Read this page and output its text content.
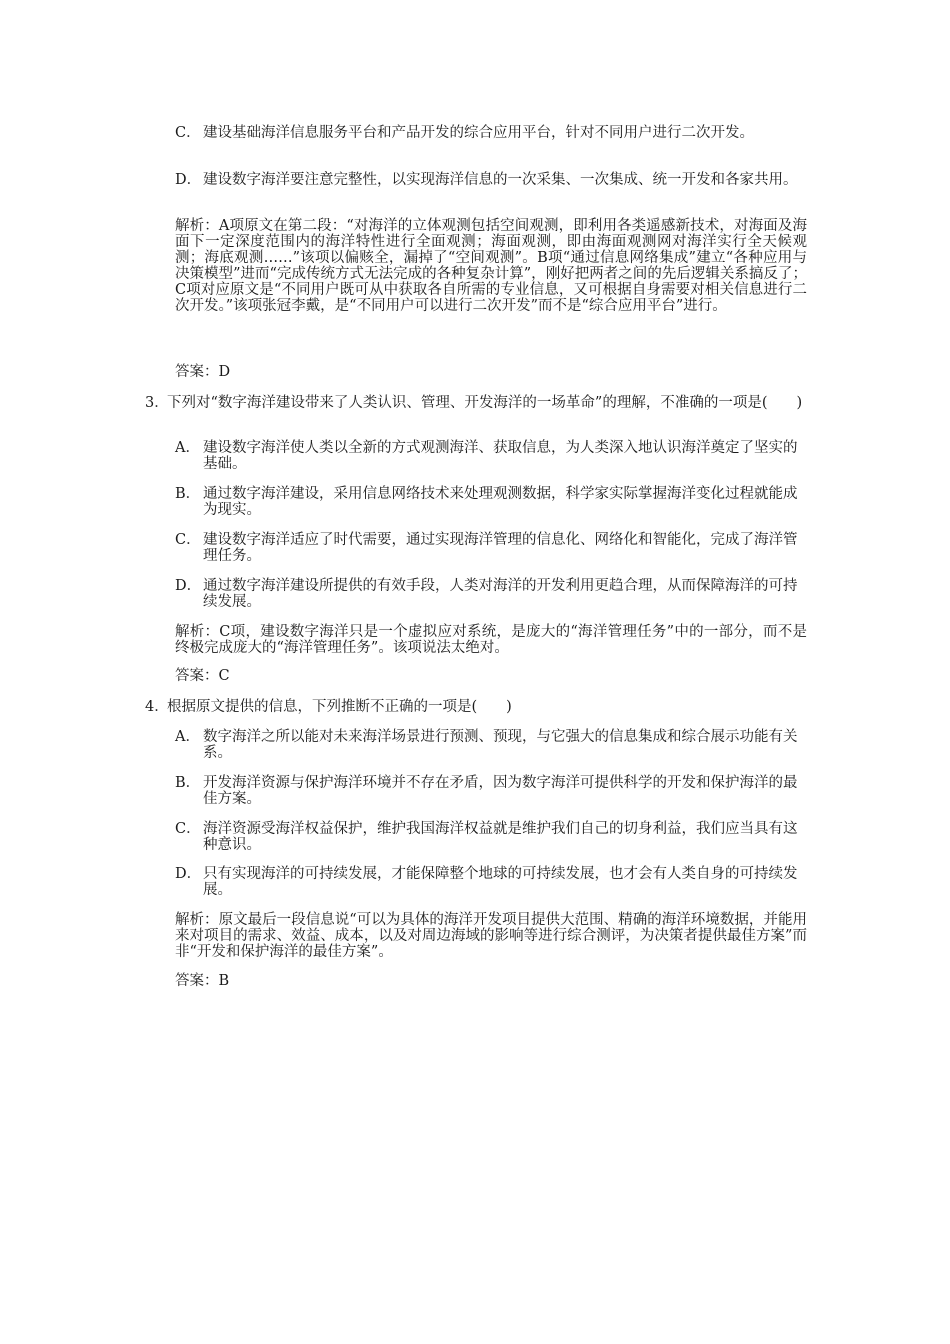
C． 建设基础海洋信息服务平台和产品开发的综合应用平台，针对不同用户进行二次开发。

D． 建设数字海洋要注意完整性，以实现海洋信息的一次采集、一次集成、统一开发和各家共用。

解析：A项原文在第二段：“对海洋的立体观测包括空间观测，即利用各类遥感新技术，对海面及海面下一定深度范围内的海洋特性进行全面观测；海面观测，即由海面观测网对海洋实行全天候观测；海底观测……”该项以偏赅全，漏掉了“空间观测”。B项“通过信息网络集成”建立“各种应用与决策模型”进而“完成传统方式无法完成的各种复杂计算”，刚好把两者之间的先后逻辑关系搞反了；C项对应原文是“不同用户既可从中获取各自所需的专业信息，又可根据自身需要对相关信息进行二次开发。”该项张冠李戴，是“不同用户可以进行二次开发”而不是“综合应用平台”进行。

答案：D

3．下列对“数字海洋建设带来了人类认识、管理、开发海洋的一场革命”的理解，不准确的一项是(　　)

A． 建设数字海洋使人类以全新的方式观测海洋、获取信息，为人类深入地认识海洋奠定了坚实的基础。

B． 通过数字海洋建设，采用信息网络技术来处理观测数据，科学家实际掌握海洋变化过程就能成为现实。

C． 建设数字海洋适应了时代需要，通过实现海洋管理的信息化、网络化和智能化，完成了海洋管理任务。

D． 通过数字海洋建设所提供的有效手段，人类对海洋的开发利用更趋合理，从而保障海洋的可持续发展。

解析：C项，建设数字海洋只是一个虚拟应对系统，是庞大的“海洋管理任务”中的一部分，而不是终极完成庞大的“海洋管理任务”。该项说法太绝对。

答案：C

4．根据原文提供的信息，下列推断不正确的一项是(　　)

A． 数字海洋之所以能对未来海洋场景进行预测、预现，与它强大的信息集成和综合展示功能有关系。

B． 开发海洋资源与保护海洋环境并不存在矛盾，因为数字海洋可提供科学的开发和保护海洋的最佳方案。

C． 海洋资源受海洋权益保护，维护我国海洋权益就是维护我们自己的切身利益，我们应当具有这种意识。

D． 只有实现海洋的可持续发展，才能保障整个地球的可持续发展，也才会有人类自身的可持续发展。

解析：原文最后一段信息说“可以为具体的海洋开发项目提供大范围、精确的海洋环境数据，并能用来对项目的需求、效益、成本，以及对周边海域的影响等进行综合测评，为决策者提供最佳方案”而非“开发和保护海洋的最佳方案”。

答案：B
